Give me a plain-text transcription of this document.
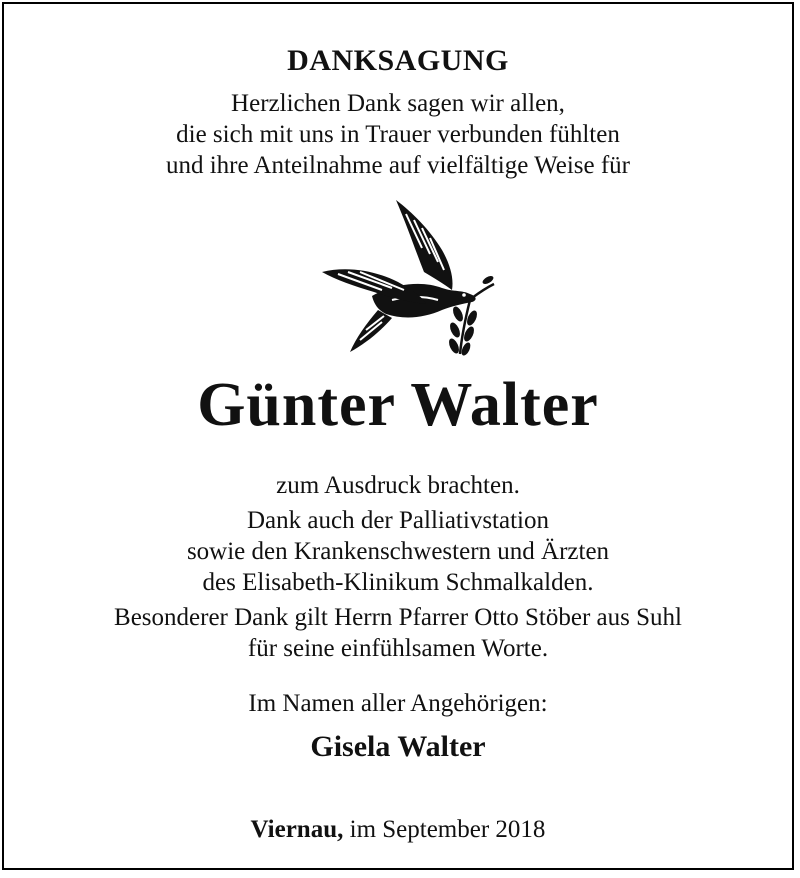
DANKSAGUNG
Herzlichen Dank sagen wir allen,
die sich mit uns in Trauer verbunden fühlten
und ihre Anteilnahme auf vielfältige Weise für
Günter Walter
zum Ausdruck brachten.
Dank auch der Palliativstation
sowie den Krankenschwestern und Ärzten
des Elisabeth-Klinikum Schmalkalden.
Besonderer Dank gilt Herrn Pfarrer Otto Stöber aus Suhl
für seine einfühlsamen Worte.
Im Namen aller Angehörigen:
Gisela Walter
Viernau, im September 2018
